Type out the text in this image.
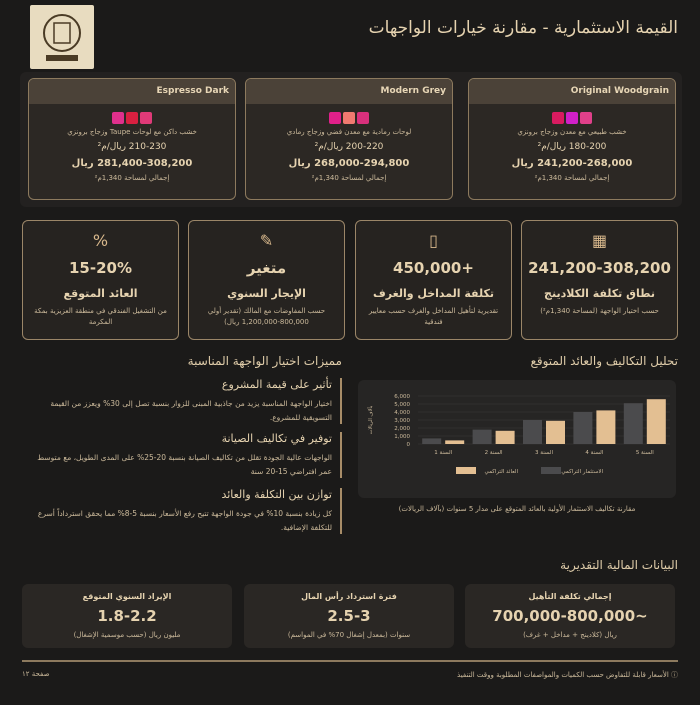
القيمة الاستثمارية - مقارنة خيارات الواجهات
Original Woodgrain
خشب طبيعي مع معدن وزجاج برونزي
180-200 ريال/م²
241,200-268,000 ريال
إجمالي لمساحة 1,340م²
Modern Grey
لوحات رمادية مع معدن فضي وزجاج رمادي
200-220 ريال/م²
268,000-294,800 ريال
إجمالي لمساحة 1,340م²
Espresso Dark
خشب داكن مع لوحات Taupe وزجاج برونزي
210-230 ريال/م²
281,400-308,200 ريال
إجمالي لمساحة 1,340م²
▦
241,200-308,200
نطاق تكلفة الكلادينج
حسب اختيار الواجهة (لمساحة 1,340م²)
▯
+450,000
تكلفة المداخل والغرف
تقديرية لتأهيل المداخل والغرف حسب معايير فندقية
✎
متغير
الإيجار السنوي
حسب المفاوضات مع المالك (تقدير أولي 800,000-1,200,000 ريال)
%
15-20%
العائد المتوقع
من التشغيل الفندقي في منطقة العزيزية بمكة المكرمة
مميزات اختيار الواجهة المناسبة
تأثير على قيمة المشروع
اختيار الواجهة المناسبة يزيد من جاذبية المبنى للزوار بنسبة تصل إلى 30% ويعزز من القيمة التسويقية للمشروع.
توفير في تكاليف الصيانة
الواجهات عالية الجودة تقلل من تكاليف الصيانة بنسبة 20-25% على المدى الطويل، مع متوسط عمر افتراضي 15-20 سنة
توازن بين التكلفة والعائد
كل زيادة بنسبة 10% في جودة الواجهة تتيح رفع الأسعار بنسبة 5-8% مما يحقق استرداداً أسرع للتكلفة الإضافية.
تحليل التكاليف والعائد المتوقع
0
1,000
2,000
3,000
4,000
5,000
6,000
بآلاف الريالات
السنة 1	السنة 2	السنة 3	السنة 4	السنة 5
الاستثمار التراكمي
العائد التراكمي
مقارنة تكاليف الاستثمار الأولية بالعائد المتوقع على مدار 5 سنوات (بآلاف الريالات)
البيانات المالية التقديرية
إجمالي تكلفة التأهيل
~700,000-800,000
ريال (كلادينج + مداخل + غرف)
فترة استرداد رأس المال
2.5-3
سنوات (بمعدل إشغال 70% في المواسم)
الإيراد السنوي المتوقع
1.8-2.2
مليون ريال (حسب موسمية الإشغال)
ⓘ الأسعار قابلة للتفاوض حسب الكميات والمواصفات المطلوبة ووقت التنفيذ
صفحة ١٢
